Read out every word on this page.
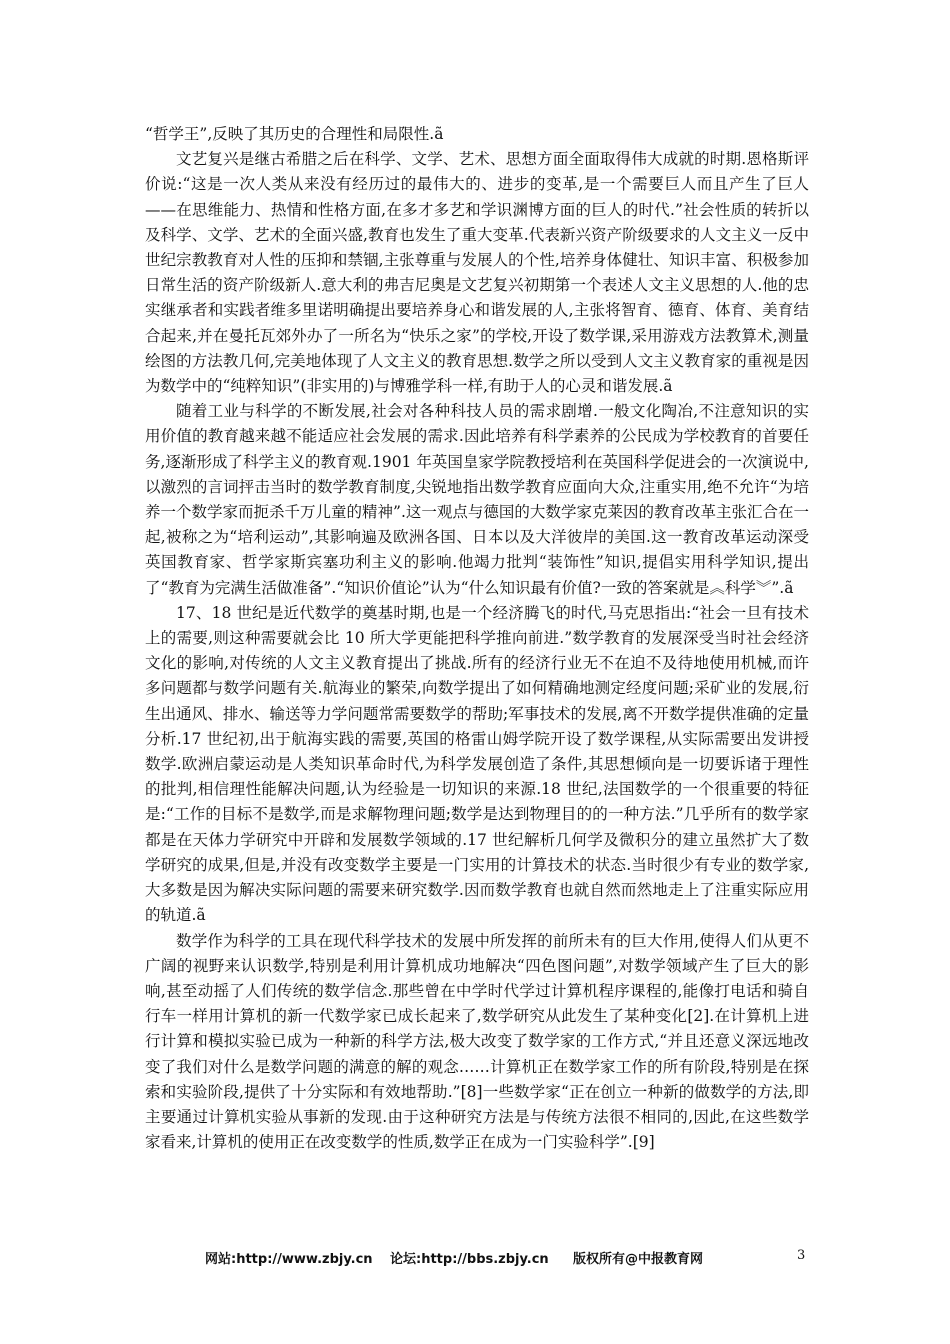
“哲学王”,反映了其历史的合理性和局限性.ã

文艺复兴是继古希腊之后在科学、文学、艺术、思想方面全面取得伟大成就的时期.恩格斯评价说:“这是一次人类从来没有经历过的最伟大的、进步的变革,是一个需要巨人而且产生了巨人——在思维能力、热情和性格方面,在多才多艺和学识渊博方面的巨人的时代.”社会性质的转折以及科学、文学、艺术的全面兴盛,教育也发生了重大变革.代表新兴资产阶级要求的人文主义一反中世纪宗教教育对人性的压抑和禁锢,主张尊重与发展人的个性,培养身体健壮、知识丰富、积极参加日常生活的资产阶级新人.意大利的弗吉尼奥是文艺复兴初期第一个表述人文主义思想的人.他的忠实继承者和实践者维多里诺明确提出要培养身心和谐发展的人,主张将智育、德育、体育、美育结合起来,并在曼托瓦郊外办了一所名为“快乐之家”的学校,开设了数学课,采用游戏方法教算术,测量绘图的方法教几何,完美地体现了人文主义的教育思想.数学之所以受到人文主义教育家的重视是因为数学中的“纯粹知识”(非实用的)与博雅学科一样,有助于人的心灵和谐发展.ã

随着工业与科学的不断发展,社会对各种科技人员的需求剧增.一般文化陶冶,不注意知识的实用价值的教育越来越不能适应社会发展的需求.因此培养有科学素养的公民成为学校教育的首要任务,逐渐形成了科学主义的教育观.1901 年英国皇家学院教授培利在英国科学促进会的一次演说中,以激烈的言词抨击当时的数学教育制度,尖锐地指出数学教育应面向大众,注重实用,绝不允许“为培养一个数学家而扼杀千万儿童的精神”.这一观点与德国的大数学家克莱因的教育改革主张汇合在一起,被称之为“培利运动”,其影响遍及欧洲各国、日本以及大洋彼岸的美国.这一教育改革运动深受英国教育家、哲学家斯宾塞功利主义的影响.他竭力批判“装饰性”知识,提倡实用科学知识,提出了“教育为完满生活做准备”.“知识价值论”认为“什么知识最有价值?一致的答案就是︽科学︾”.ã

17、18 世纪是近代数学的奠基时期,也是一个经济腾飞的时代,马克思指出:“社会一旦有技术上的需要,则这种需要就会比 10 所大学更能把科学推向前进.”数学教育的发展深受当时社会经济文化的影响,对传统的人文主义教育提出了挑战.所有的经济行业无不在迫不及待地使用机械,而许多问题都与数学问题有关.航海业的繁荣,向数学提出了如何精确地测定经度问题;采矿业的发展,衍生出通风、排水、输送等力学问题常需要数学的帮助;军事技术的发展,离不开数学提供准确的定量分析.17 世纪初,出于航海实践的需要,英国的格雷山姆学院开设了数学课程,从实际需要出发讲授数学.欧洲启蒙运动是人类知识革命时代,为科学发展创造了条件,其思想倾向是一切要诉诸于理性的批判,相信理性能解决问题,认为经验是一切知识的来源.18 世纪,法国数学的一个很重要的特征是:“工作的目标不是数学,而是求解物理问题;数学是达到物理目的的一种方法.”几乎所有的数学家都是在天体力学研究中开辟和发展数学领域的.17 世纪解析几何学及微积分的建立虽然扩大了数学研究的成果,但是,并没有改变数学主要是一门实用的计算技术的状态.当时很少有专业的数学家,大多数是因为解决实际问题的需要来研究数学.因而数学教育也就自然而然地走上了注重实际应用的轨道.ã

数学作为科学的工具在现代科学技术的发展中所发挥的前所未有的巨大作用,使得人们从更不广阔的视野来认识数学,特别是利用计算机成功地解决“四色图问题”,对数学领域产生了巨大的影响,甚至动摇了人们传统的数学信念.那些曾在中学时代学过计算机程序课程的,能像打电话和骑自行车一样用计算机的新一代数学家已成长起来了,数学研究从此发生了某种变化[2].在计算机上进行计算和模拟实验已成为一种新的科学方法,极大改变了数学家的工作方式,“并且还意义深远地改变了我们对什么是数学问题的满意的解的观念……计算机正在数学家工作的所有阶段,特别是在探索和实验阶段,提供了十分实际和有效地帮助.”[8]一些数学家“正在创立一种新的做数学的方法,即主要通过计算机实验从事新的发现.由于这种研究方法是与传统方法很不相同的,因此,在这些数学家看来,计算机的使用正在改变数学的性质,数学正在成为一门实验科学”.[9]

网站:http://www.zbjy.cn 论坛:http://bbs.zbjy.cn 版权所有@中报教育网	3
